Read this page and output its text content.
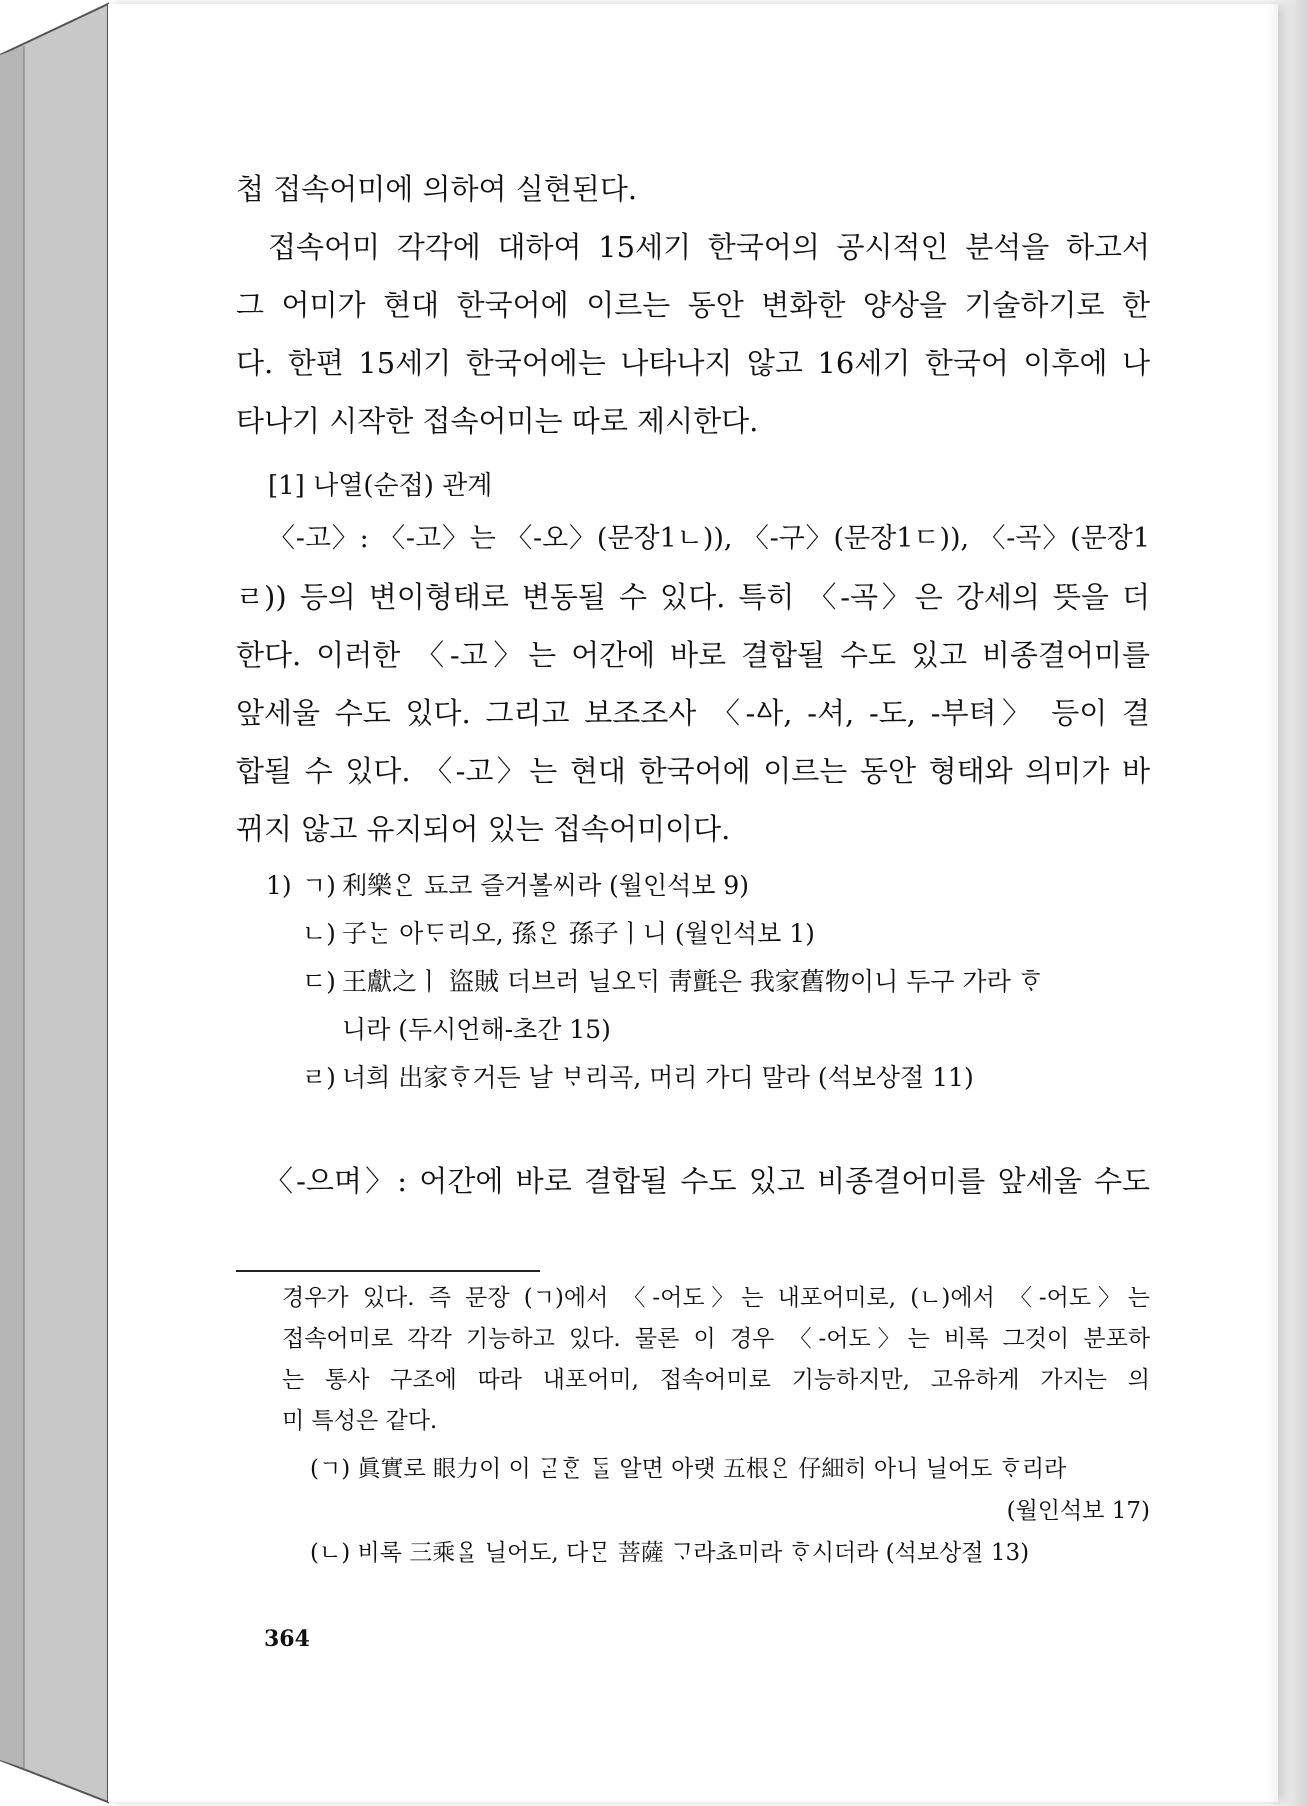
첩 접속어미에 의하여 실현된다.

접속어미 각각에 대하여 15세기 한국어의 공시적인 분석을 하고서

그 어미가 현대 한국어에 이르는 동안 변화한 양상을 기술하기로 한

다. 한편 15세기 한국어에는 나타나지 않고 16세기 한국어 이후에 나

타나기 시작한 접속어미는 따로 제시한다.

[1] 나열(순접) 관계

〈-고〉: 〈-고〉는 〈-오〉(문장1ㄴ)), 〈-구〉(문장1ㄷ)), 〈-곡〉(문장1

ㄹ)) 등의 변이형태로 변동될 수 있다. 특히 〈-곡〉은 강세의 뜻을 더

한다. 이러한 〈-고〉는 어간에 바로 결합될 수도 있고 비종결어미를

앞세울 수도 있다. 그리고 보조조사 〈-ᅀᅡ, -셔, -도, -부텨〉 등이 결

합될 수 있다. 〈-고〉는 현대 한국어에 이르는 동안 형태와 의미가 바

뀌지 않고 유지되어 있는 접속어미이다.

1) ㄱ) 利樂ᄋᆞᆫ 됴코 즐거ᄫᅳᆯ씨라 (월인석보 9)

ㄴ) 子ᄂᆞᆫ 아ᄃᆞ리오, 孫ᄋᆞᆫ 孫子ㅣ니 (월인석보 1)

ㄷ) 王獻之ㅣ 盜賊 더브러 닐오ᄃᆡ 靑氈은 我家舊物이니 두구 가라 ᄒᆞ

니라 (두시언해-초간 15)

ㄹ) 너희 出家ᄒᆞ거든 날 ᄇᆞ리곡, 머리 가디 말라 (석보상절 11)

〈-으며〉: 어간에 바로 결합될 수도 있고 비종결어미를 앞세울 수도

경우가 있다. 즉 문장 (ㄱ)에서 〈-어도〉는 내포어미로, (ㄴ)에서 〈-어도〉는

접속어미로 각각 기능하고 있다. 물론 이 경우 〈-어도〉는 비록 그것이 분포하

는 통사 구조에 따라 내포어미, 접속어미로 기능하지만, 고유하게 가지는 의

미 특성은 같다.

(ㄱ) 眞實로 眼力이 이 ᄀᆞᆮᄒᆞᆫ ᄃᆞᆯ 알면 아랫 五根ᄋᆞᆫ 仔細히 아니 닐어도 ᄒᆞ리라

(월인석보 17)

(ㄴ) 비록 三乘ᄋᆞᆯ 닐어도, 다ᄆᆞᆫ 菩薩 ᄀᆞ라쵸미라 ᄒᆞ시더라 (석보상절 13)

364
